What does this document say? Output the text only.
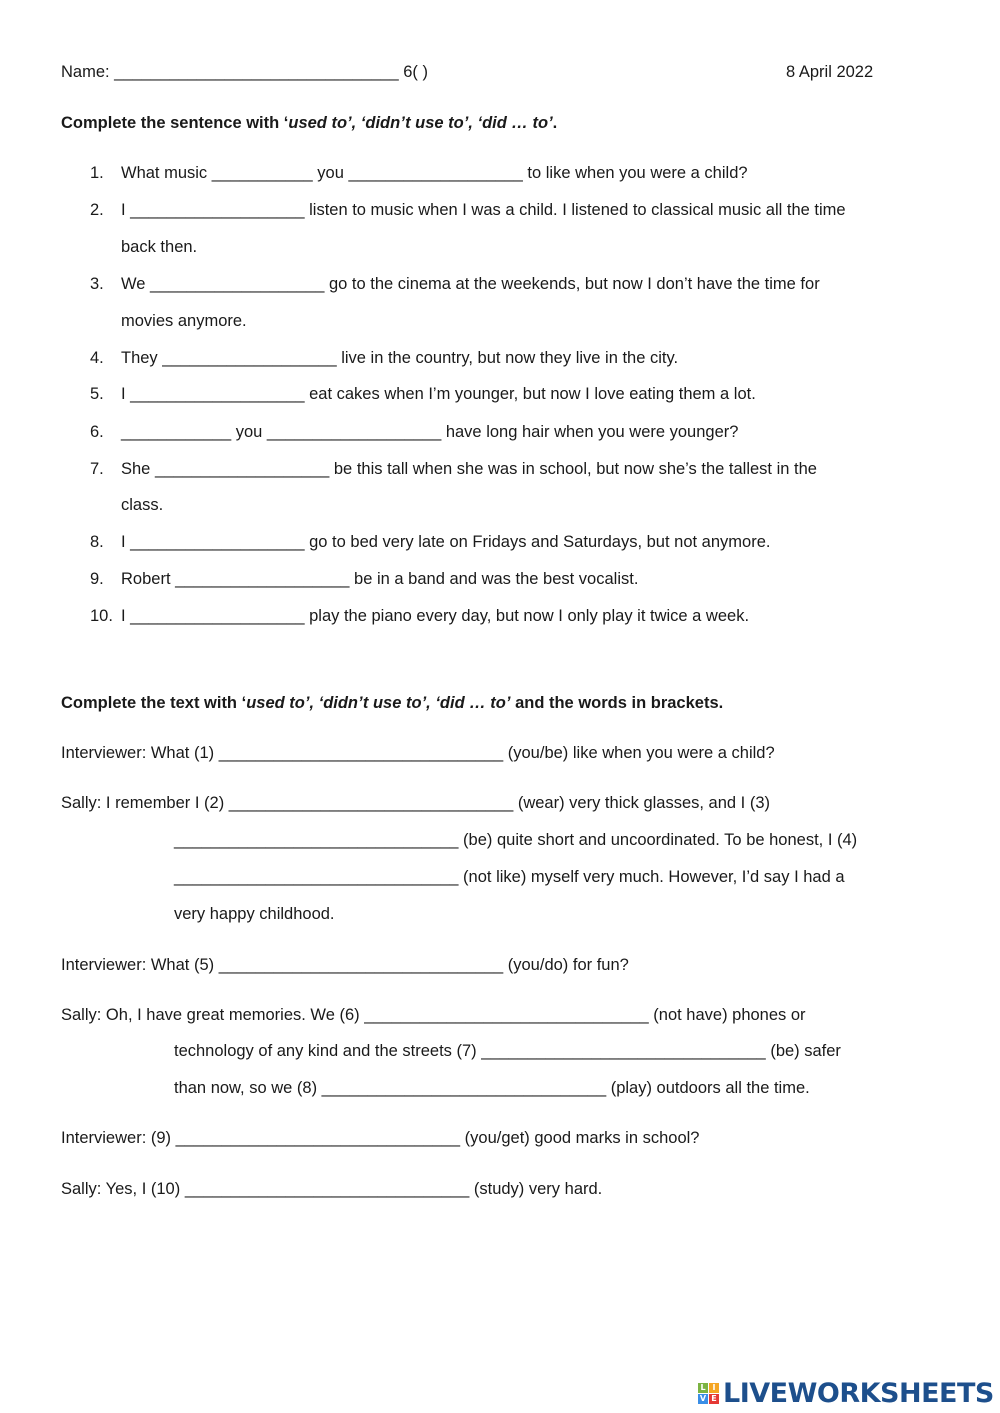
Name: _______________________________ 6( )	8 April 2022
Complete the sentence with ‘used to’, ‘didn’t use to’, ‘did … to’.
1. What music ___________ you ___________________ to like when you were a child?
2. I ___________________ listen to music when I was a child. I listened to classical music all the time
back then.
3. We ___________________ go to the cinema at the weekends, but now I don’t have the time for
movies anymore.
4. They ___________________ live in the country, but now they live in the city.
5. I ___________________ eat cakes when I’m younger, but now I love eating them a lot.
6. ____________ you ___________________ have long hair when you were younger?
7. She ___________________ be this tall when she was in school, but now she’s the tallest in the
class.
8. I ___________________ go to bed very late on Fridays and Saturdays, but not anymore.
9. Robert ___________________ be in a band and was the best vocalist.
10. I ___________________ play the piano every day, but now I only play it twice a week.
Complete the text with ‘used to’, ‘didn’t use to’, ‘did … to’ and the words in brackets.
Interviewer: What (1) _______________________________ (you/be) like when you were a child?
Sally: I remember I (2) _______________________________ (wear) very thick glasses, and I (3)
_______________________________ (be) quite short and uncoordinated. To be honest, I (4)
_______________________________ (not like) myself very much. However, I’d say I had a
very happy childhood.
Interviewer: What (5) _______________________________ (you/do) for fun?
Sally: Oh, I have great memories. We (6) _______________________________ (not have) phones or
technology of any kind and the streets (7) _______________________________ (be) safer
than now, so we (8) _______________________________ (play) outdoors all the time.
Interviewer: (9) _______________________________ (you/get) good marks in school?
Sally: Yes, I (10) _______________________________ (study) very hard.
L I
V E LIVEWORKSHEETS
